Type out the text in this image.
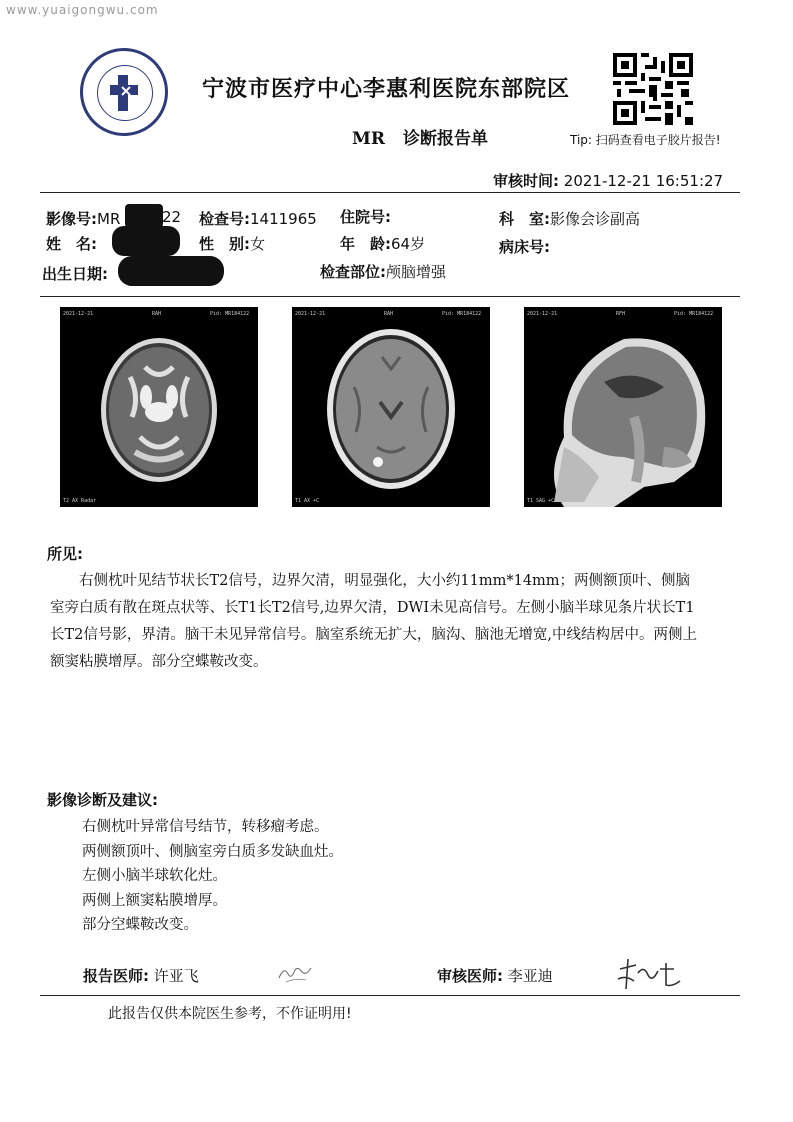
www.yuaigongwu.com
宁波市医疗中心李惠利医院东部院区
MR 诊断报告单	Tip: 扫码查看电子胶片报告!
审核时间: 2021-12-21 16:51:27
影像号:MR	22 检查号:1411965 住院号:	科　室:影像会诊副高
姓　名:	性　别:女	年　龄:64岁	病床号:
出生日期:	检查部位:颅脑增强
2021-12-21	RAH	Pid: MR184122
T2 AX Radar
2021-12-21	RAH	Pid: MR184122
T1 AX +C
2021-12-21	RFH	Pid: MR184122
T1 SAG +C
所见:

右侧枕叶见结节状长T2信号，边界欠清，明显强化，大小约11mm*14mm；两侧额顶叶、侧脑室旁白质有散在斑点状等、长T1长T2信号,边界欠清，DWI未见高信号。左侧小脑半球见条片状长T1长T2信号影，界清。脑干未见异常信号。脑室系统无扩大，脑沟、脑池无增宽,中线结构居中。两侧上额窦粘膜增厚。部分空蝶鞍改变。

影像诊断及建议:
右侧枕叶异常信号结节，转移瘤考虑。
两侧额顶叶、侧脑室旁白质多发缺血灶。
左侧小脑半球软化灶。
两侧上额窦粘膜增厚。
部分空蝶鞍改变。
报告医师: 许亚飞	审核医师: 李亚迪
此报告仅供本院医生参考，不作证明用!
